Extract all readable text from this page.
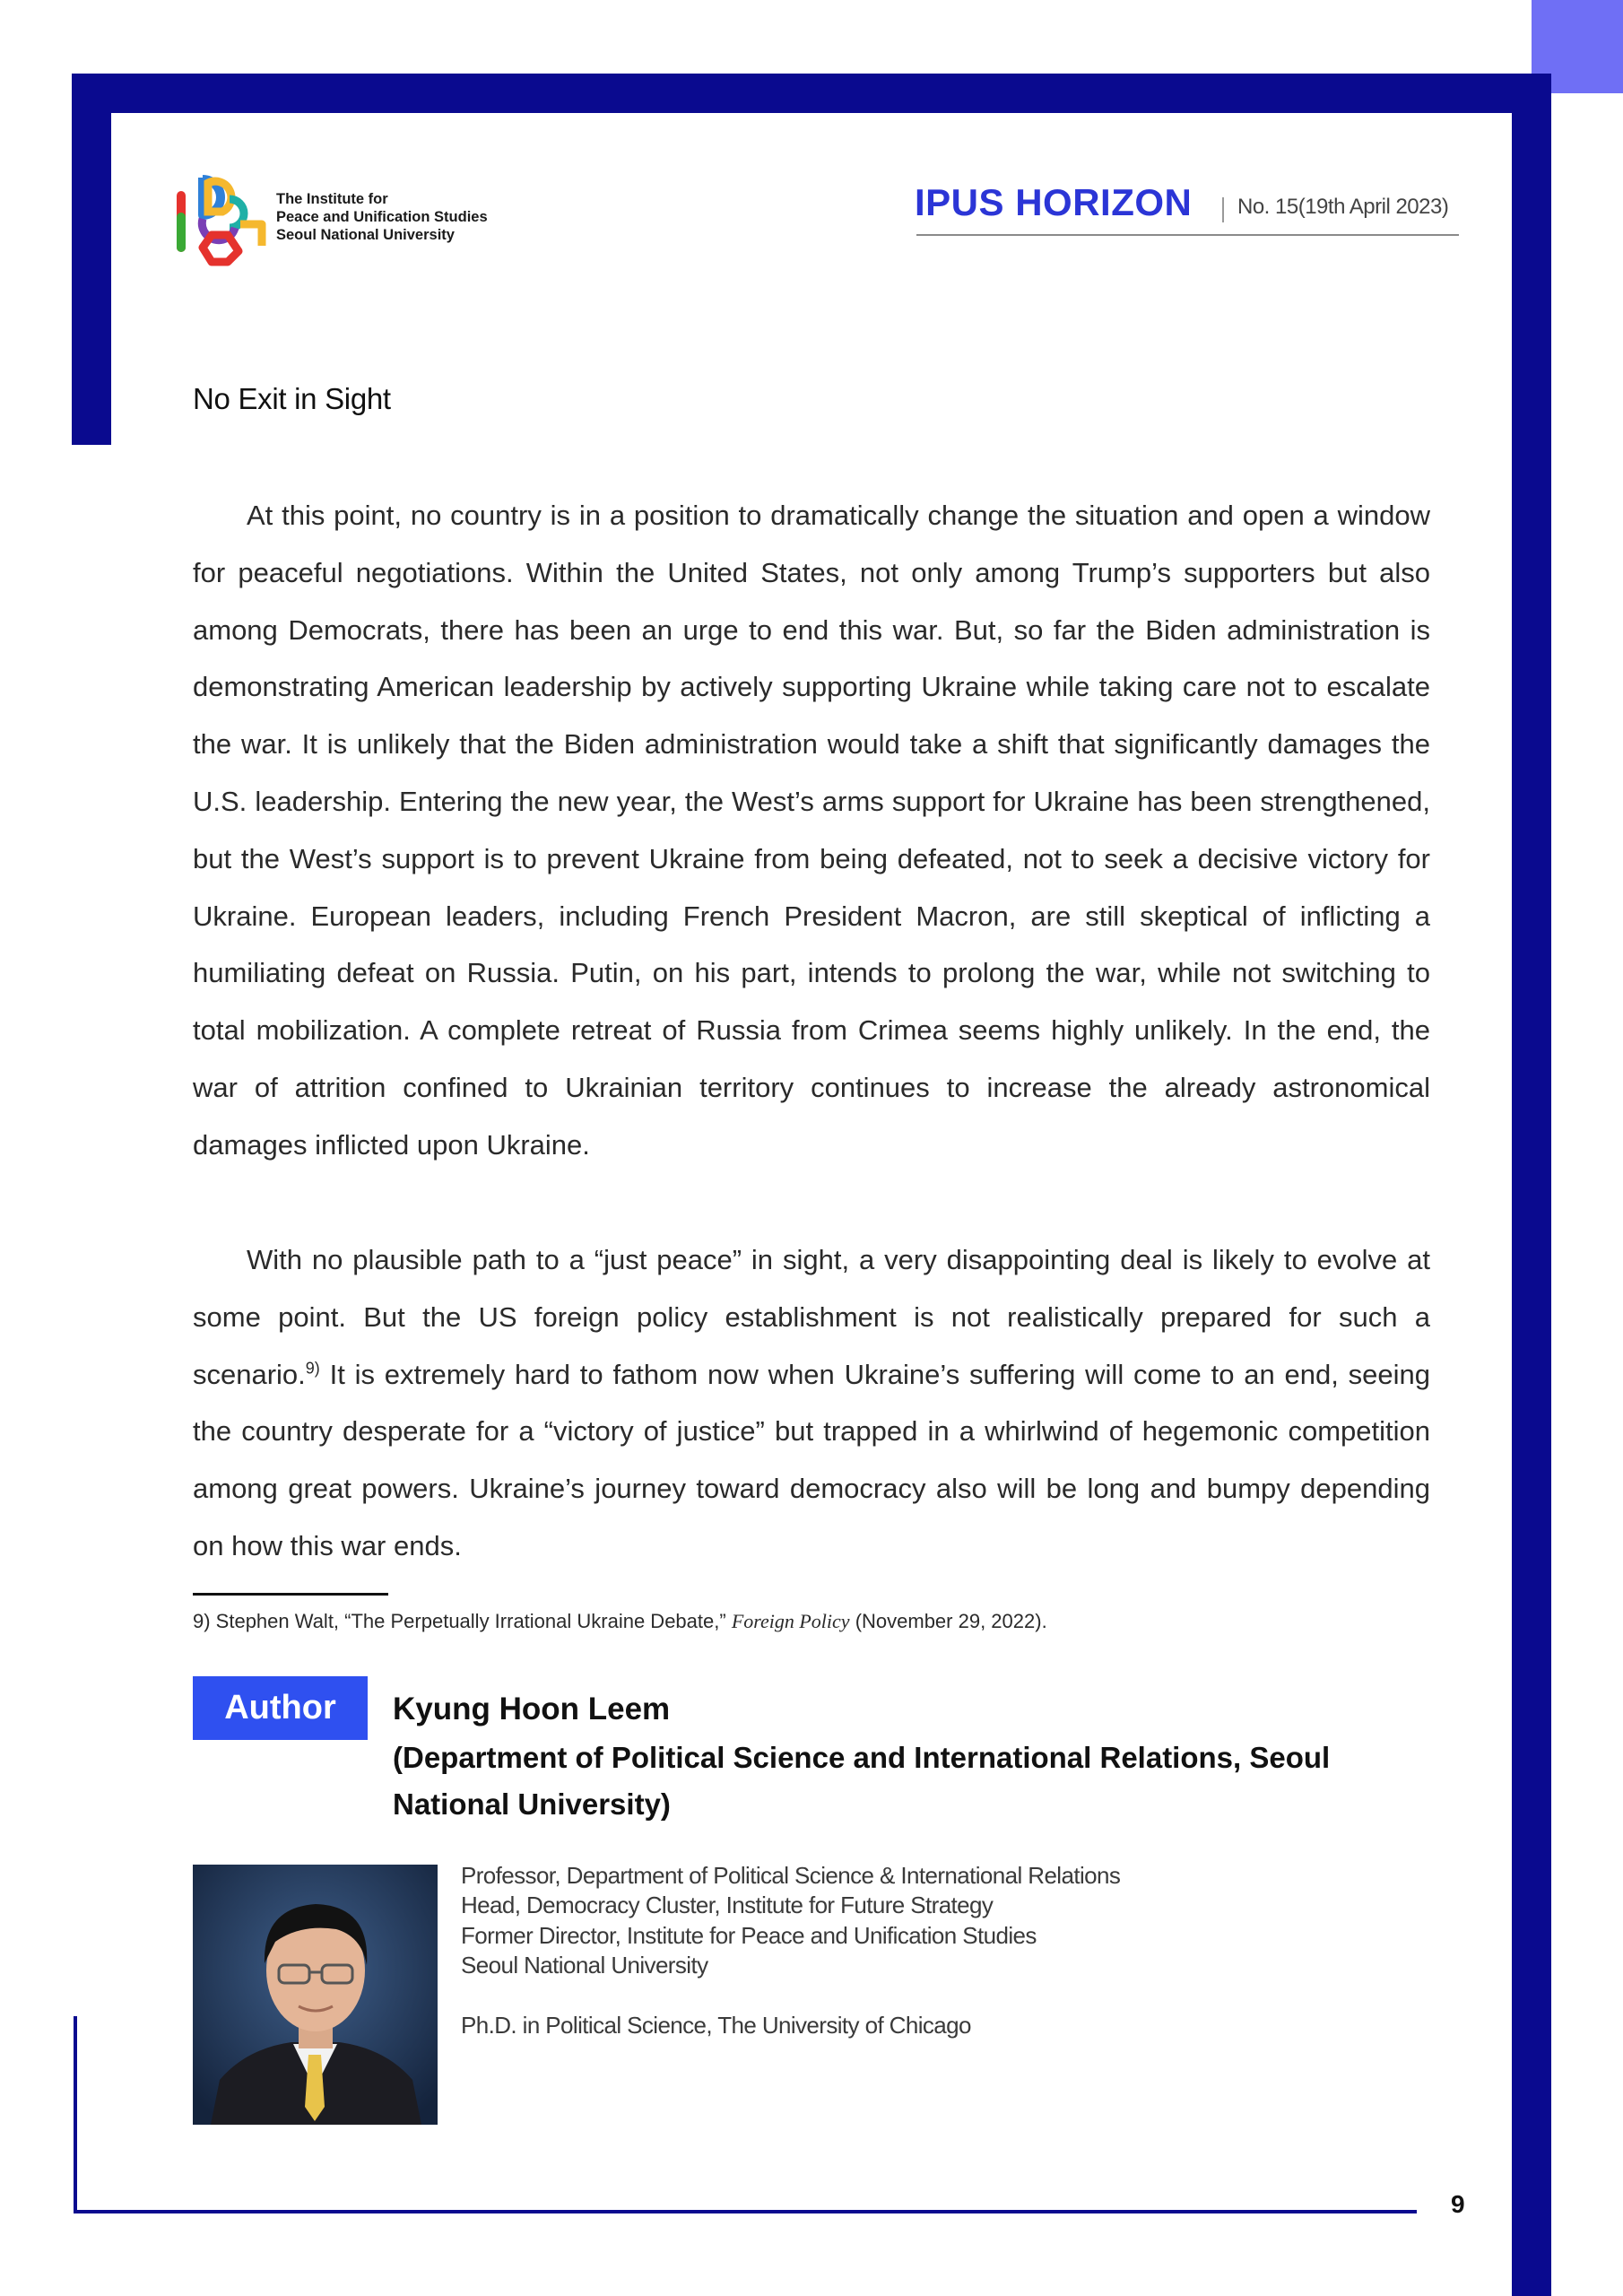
The Institute for
Peace and Unification Studies
Seoul National University
IPUS HORIZON No. 15(19th April 2023)
No Exit in Sight

At this point, no country is in a position to dramatically change the situation and open a window for peaceful negotiations. Within the United States, not only among Trump’s supporters but also among Democrats, there has been an urge to end this war. But, so far the Biden administration is demonstrating American leadership by actively supporting Ukraine while taking care not to escalate the war. It is unlikely that the Biden administration would take a shift that significantly damages the U.S. leadership. Entering the new year, the West’s arms support for Ukraine has been strengthened, but the West’s support is to prevent Ukraine from being defeated, not to seek a decisive victory for Ukraine. European leaders, including French President Macron, are still skeptical of inflicting a humiliating defeat on Russia. Putin, on his part, intends to prolong the war, while not switching to total mobilization. A complete retreat of Russia from Crimea seems highly unlikely. In the end, the war of attrition confined to Ukrainian territory continues to increase the already astronomical damages inflicted upon Ukraine.

With no plausible path to a “just peace” in sight, a very disappointing deal is likely to evolve at some point. But the US foreign policy establishment is not realistically prepared for such a scenario.$^{9)}$ It is extremely hard to fathom now when Ukraine’s suffering will come to an end, seeing the country desperate for a “victory of justice” but trapped in a whirlwind of hegemonic competition among great powers. Ukraine’s journey toward democracy also will be long and bumpy depending on how this war ends.

9) Stephen Walt, “The Perpetually Irrational Ukraine Debate,” Foreign Policy (November 29, 2022).
Author	Kyung Hoon Leem
(Department of Political Science and International Relations, Seoul National University)
Professor, Department of Political Science & International Relations
Head, Democracy Cluster, Institute for Future Strategy
Former Director, Institute for Peace and Unification Studies
Seoul National University
Ph.D. in Political Science, The University of Chicago
9
